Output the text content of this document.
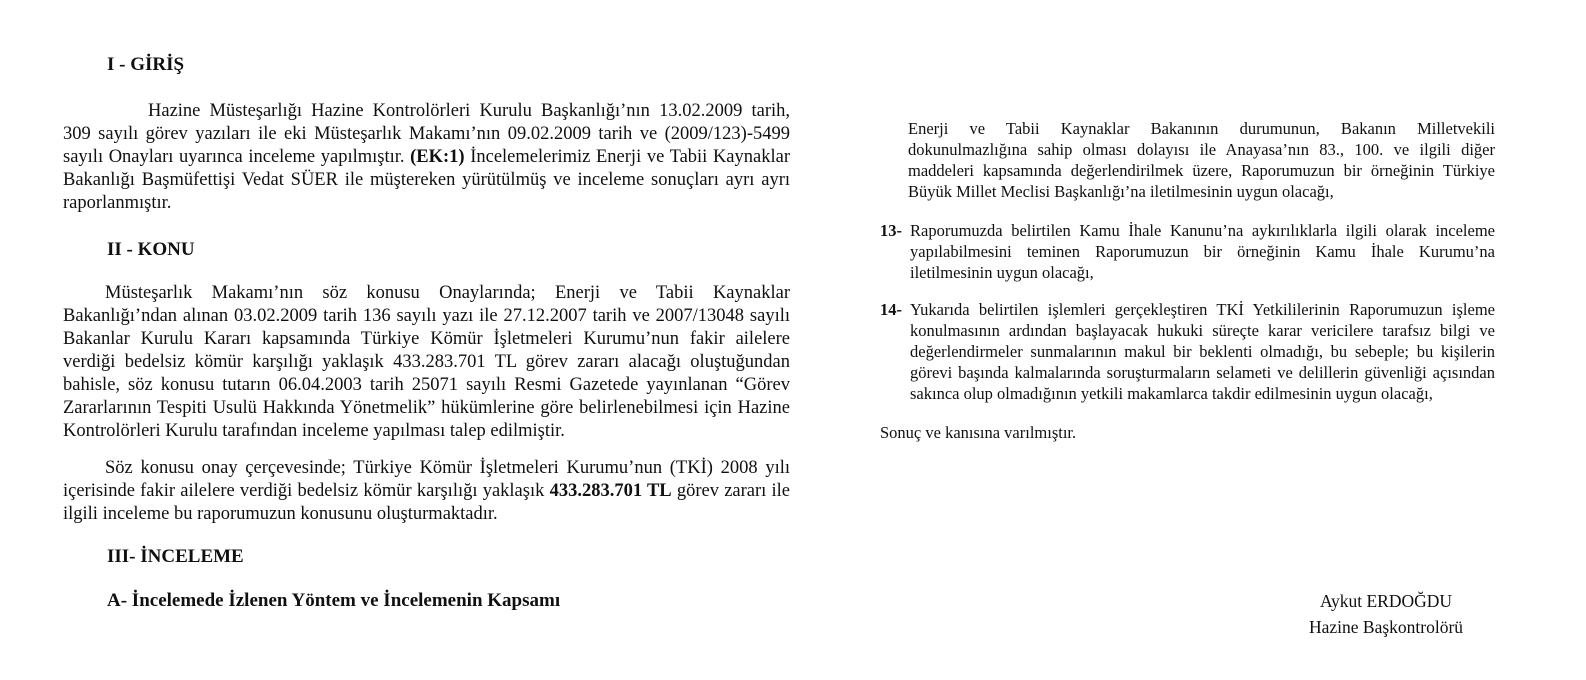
I - GİRİŞ

Hazine Müsteşarlığı Hazine Kontrolörleri Kurulu Başkanlığı’nın 13.02.2009 tarih, 309 sayılı görev yazıları ile eki Müsteşarlık Makamı’nın 09.02.2009 tarih ve (2009/123)-5499 sayılı Onayları uyarınca inceleme yapılmıştır. (EK:1) İncelemelerimiz Enerji ve Tabii Kaynaklar Bakanlığı Başmüfettişi Vedat SÜER ile müştereken yürütülmüş ve inceleme sonuçları ayrı ayrı raporlanmıştır.

II - KONU

Müsteşarlık Makamı’nın söz konusu Onaylarında; Enerji ve Tabii Kaynaklar Bakanlığı’ndan alınan 03.02.2009 tarih 136 sayılı yazı ile 27.12.2007 tarih ve 2007/13048 sayılı Bakanlar Kurulu Kararı kapsamında Türkiye Kömür İşletmeleri Kurumu’nun fakir ailelere verdiği bedelsiz kömür karşılığı yaklaşık 433.283.701 TL görev zararı alacağı oluştuğundan bahisle, söz konusu tutarın 06.04.2003 tarih 25071 sayılı Resmi Gazetede yayınlanan “Görev Zararlarının Tespiti Usulü Hakkında Yönetmelik” hükümlerine göre belirlenebilmesi için Hazine Kontrolörleri Kurulu tarafından inceleme yapılması talep edilmiştir.

Söz konusu onay çerçevesinde; Türkiye Kömür İşletmeleri Kurumu’nun (TKİ) 2008 yılı içerisinde fakir ailelere verdiği bedelsiz kömür karşılığı yaklaşık 433.283.701 TL görev zararı ile ilgili inceleme bu raporumuzun konusunu oluşturmaktadır.

III- İNCELEME
A- İncelemede İzlenen Yöntem ve İncelemenin Kapsamı

Enerji ve Tabii Kaynaklar Bakanının durumunun, Bakanın Milletvekili dokunulmazlığına sahip olması dolayısı ile Anayasa’nın 83., 100. ve ilgili diğer maddeleri kapsamında değerlendirilmek üzere, Raporumuzun bir örneğinin Türkiye Büyük Millet Meclisi Başkanlığı’na iletilmesinin uygun olacağı,

13- Raporumuzda belirtilen Kamu İhale Kanunu’na aykırılıklarla ilgili olarak inceleme yapılabilmesini teminen Raporumuzun bir örneğinin Kamu İhale Kurumu’na iletilmesinin uygun olacağı,
14- Yukarıda belirtilen işlemleri gerçekleştiren TKİ Yetkililerinin Raporumuzun işleme konulmasının ardından başlayacak hukuki süreçte karar vericilere tarafsız bilgi ve değerlendirmeler sunmalarının makul bir beklenti olmadığı, bu sebeple; bu kişilerin görevi başında kalmalarında soruşturmaların selameti ve delillerin güvenliği açısından sakınca olup olmadığının yetkili makamlarca takdir edilmesinin uygun olacağı,
Sonuç ve kanısına varılmıştır.
Aykut ERDOĞDU
Hazine Başkontrolörü
